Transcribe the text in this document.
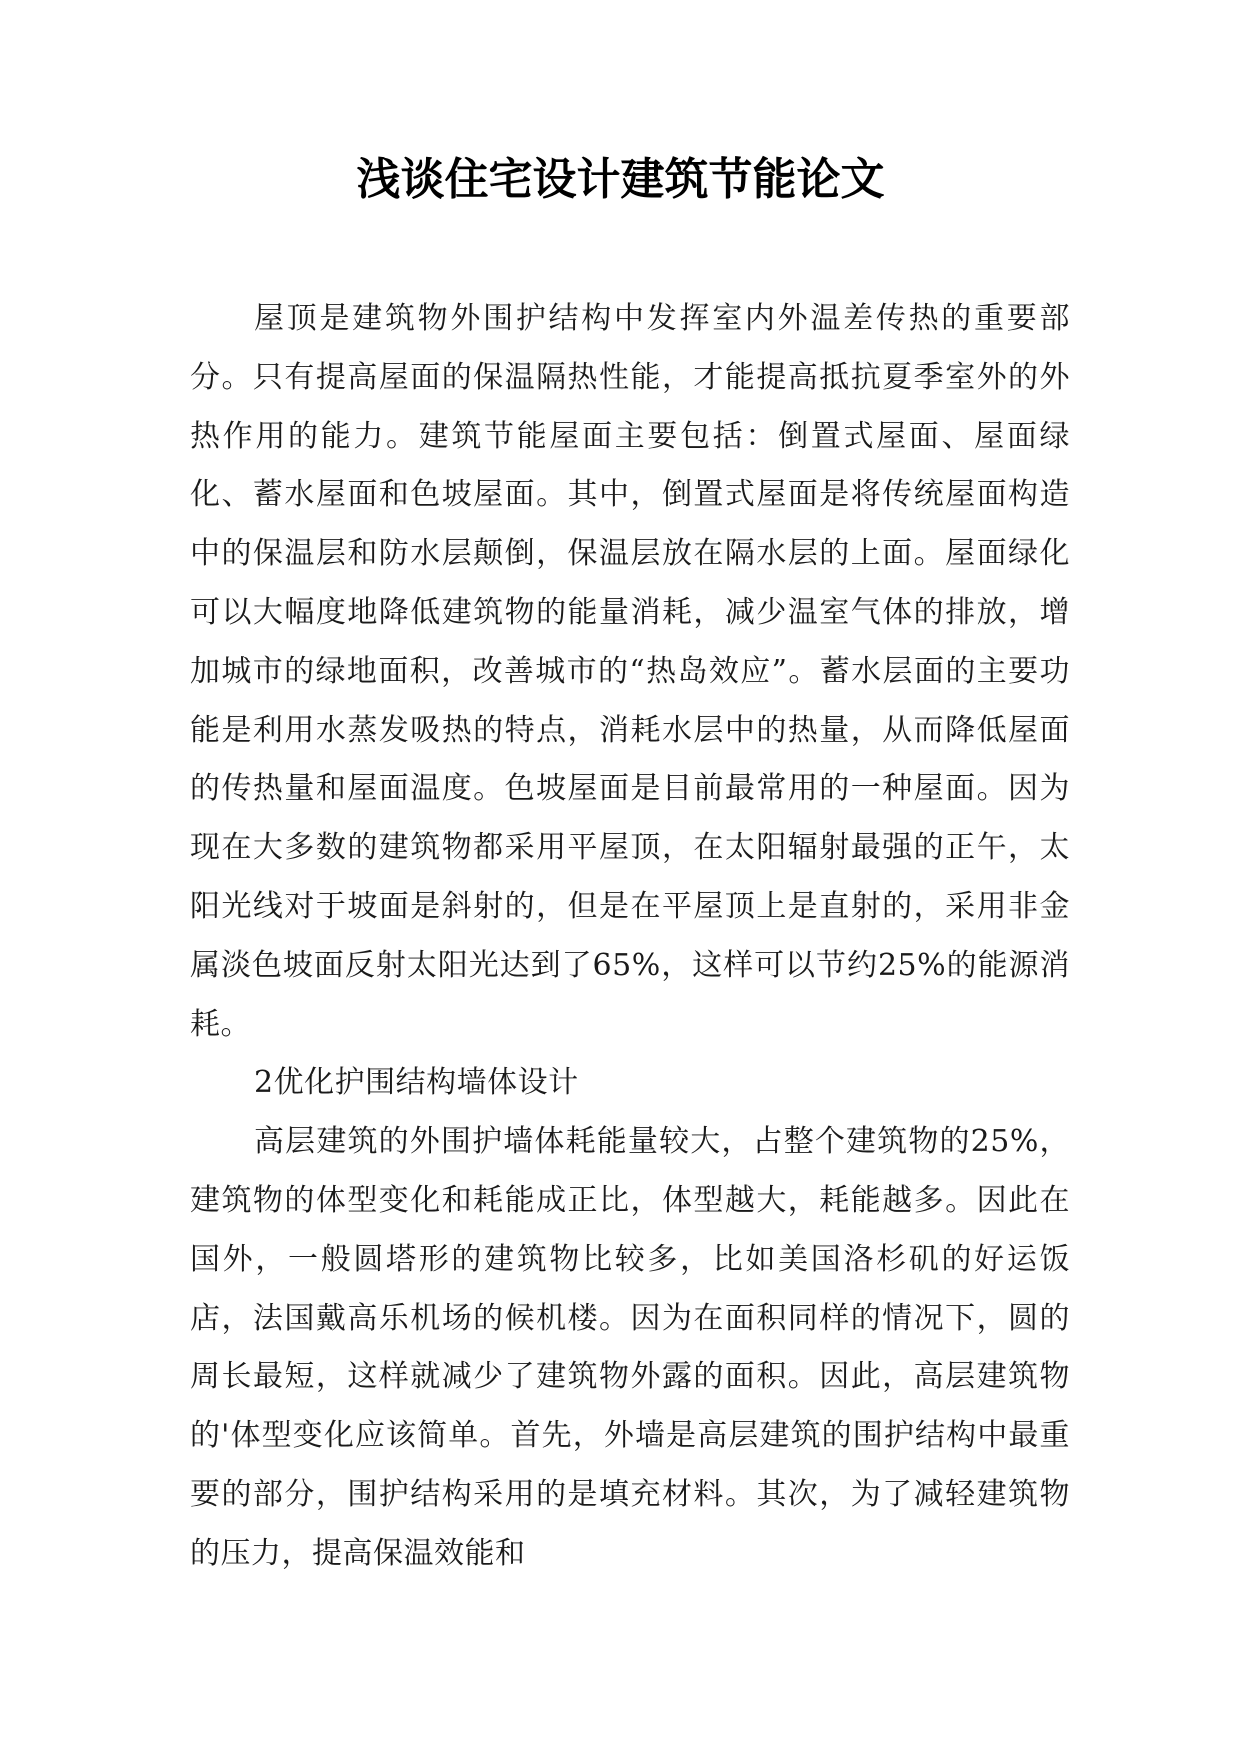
浅谈住宅设计建筑节能论文

屋顶是建筑物外围护结构中发挥室内外温差传热的重要部分。只有提高屋面的保温隔热性能，才能提高抵抗夏季室外的外热作用的能力。建筑节能屋面主要包括：倒置式屋面、屋面绿化、蓄水屋面和色坡屋面。其中，倒置式屋面是将传统屋面构造中的保温层和防水层颠倒，保温层放在隔水层的上面。屋面绿化可以大幅度地降低建筑物的能量消耗，减少温室气体的排放，增加城市的绿地面积，改善城市的“热岛效应”。蓄水层面的主要功能是利用水蒸发吸热的特点，消耗水层中的热量，从而降低屋面的传热量和屋面温度。色坡屋面是目前最常用的一种屋面。因为现在大多数的建筑物都采用平屋顶，在太阳辐射最强的正午，太阳光线对于坡面是斜射的，但是在平屋顶上是直射的，采用非金属淡色坡面反射太阳光达到了65%，这样可以节约25%的能源消耗。

2优化护围结构墙体设计

高层建筑的外围护墙体耗能量较大，占整个建筑物的25%，建筑物的体型变化和耗能成正比，体型越大，耗能越多。因此在国外，一般圆塔形的建筑物比较多，比如美国洛杉矶的好运饭店，法国戴高乐机场的候机楼。因为在面积同样的情况下，圆的周长最短，这样就减少了建筑物外露的面积。因此，高层建筑物的'体型变化应该简单。首先，外墙是高层建筑的围护结构中最重要的部分，围护结构采用的是填充材料。其次，为了减轻建筑物的压力，提高保温效能和
